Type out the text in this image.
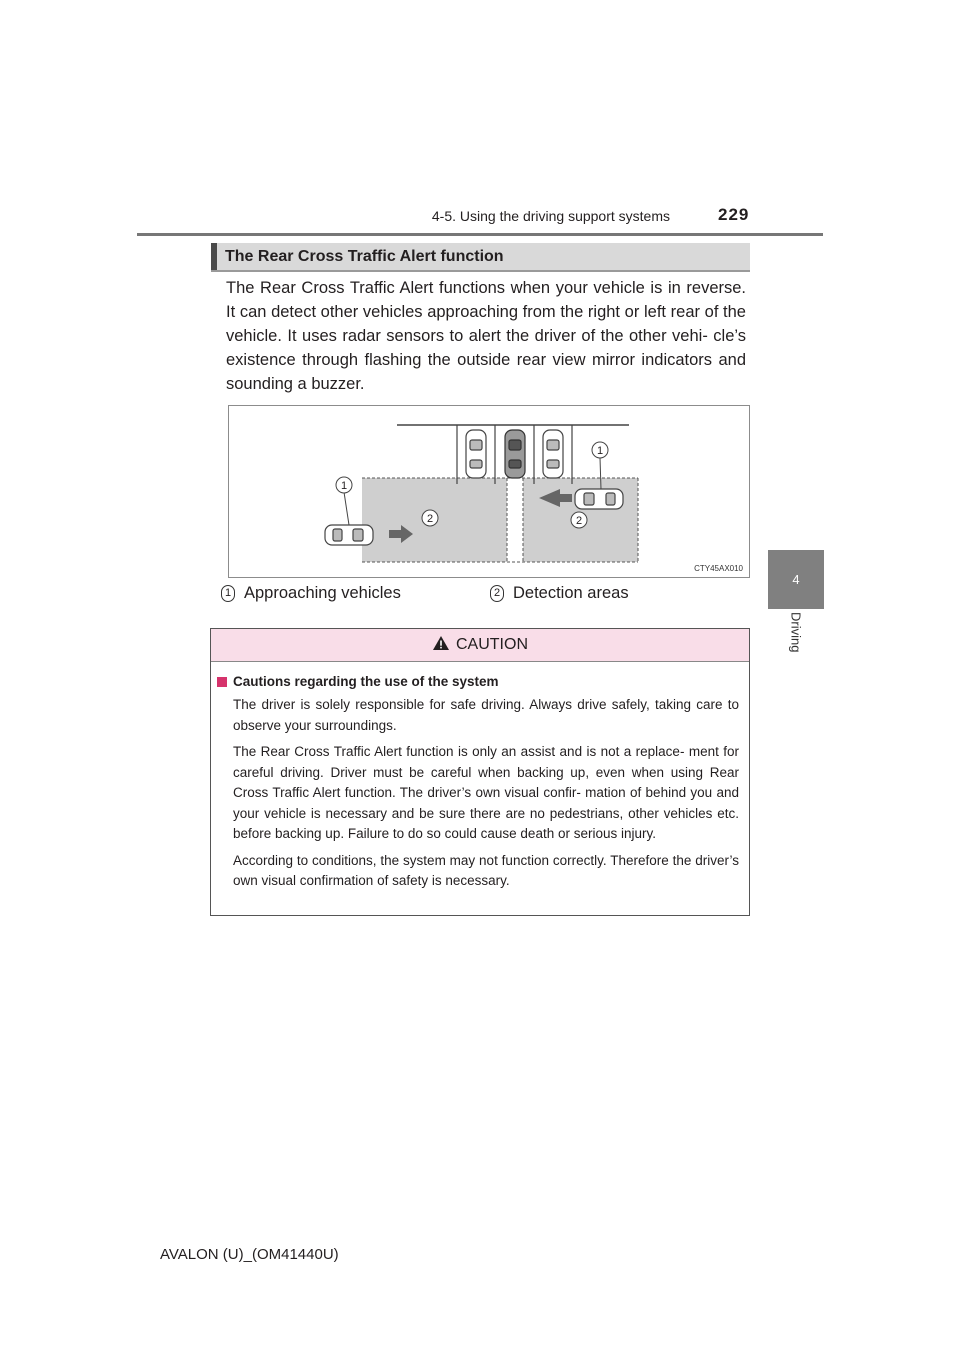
4-5. Using the driving support systems	229
4
Driving
The Rear Cross Traffic Alert function

The Rear Cross Traffic Alert functions when your vehicle is in reverse. It can detect other vehicles approaching from the right or left rear of the vehicle. It uses radar sensors to alert the driver of the other vehi- cle’s existence through flashing the outside rear view mirror indicators and sounding a buzzer.

1
1
2	2
CTY45AX010
1 Approaching vehicles	2 Detection areas
CAUTION
Cautions regarding the use of the system

The driver is solely responsible for safe driving. Always drive safely, taking care to observe your surroundings.

The Rear Cross Traffic Alert function is only an assist and is not a replace- ment for careful driving. Driver must be careful when backing up, even when using Rear Cross Traffic Alert function. The driver’s own visual confir- mation of behind you and your vehicle is necessary and be sure there are no pedestrians, other vehicles etc. before backing up. Failure to do so could cause death or serious injury.

According to conditions, the system may not function correctly. Therefore the driver’s own visual confirmation of safety is necessary.

AVALON (U)_(OM41440U)
